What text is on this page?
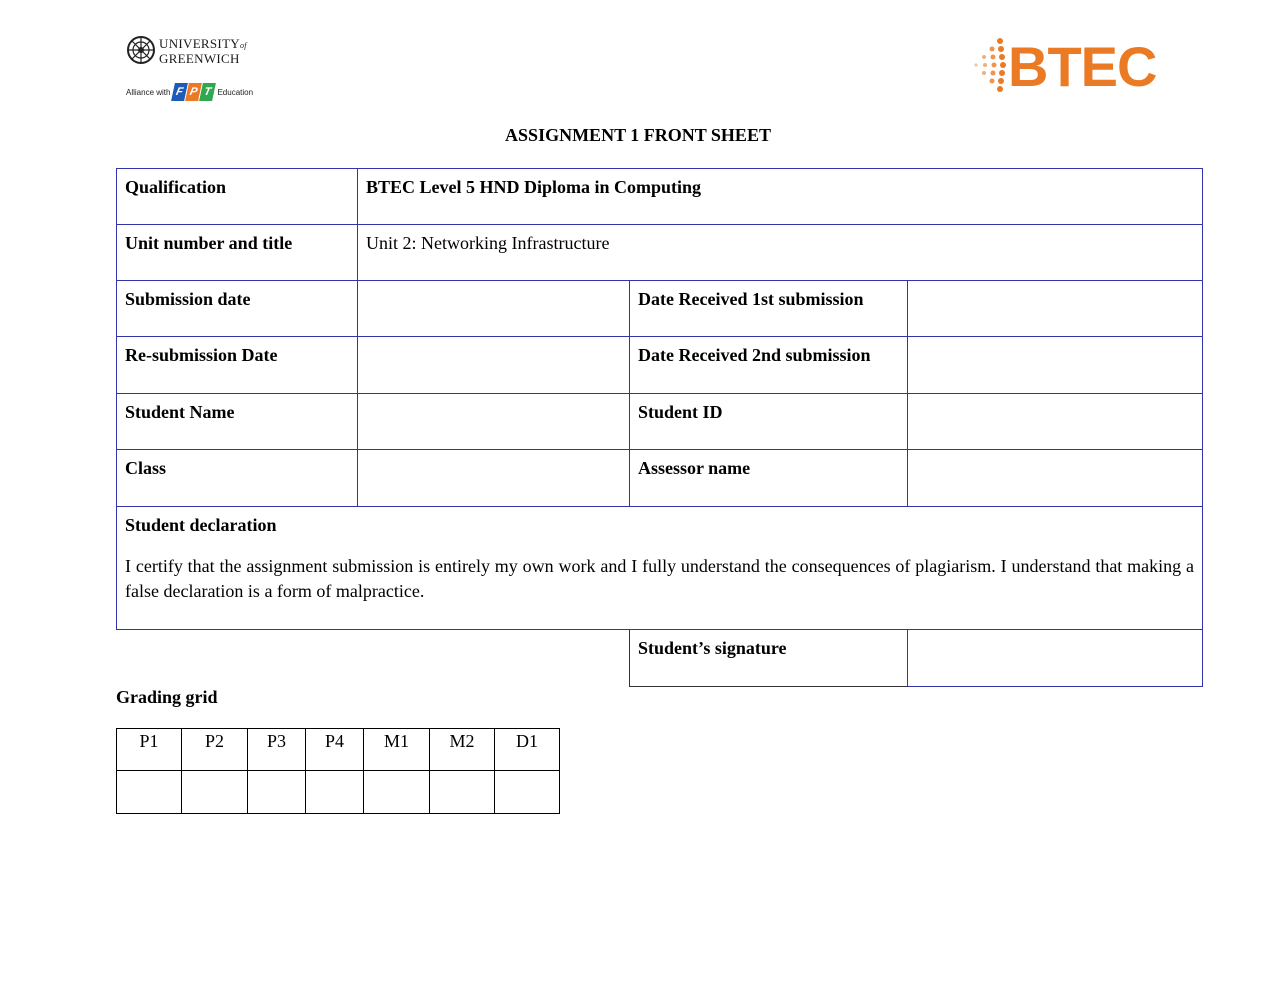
UNIVERSITYof
GREENWICH
Alliance with F P T Education	BTEC
ASSIGNMENT 1 FRONT SHEET
Qualification	BTEC Level 5 HND Diploma in Computing		
Unit number and title	Unit 2: Networking Infrastructure		
Submission date		Date Received 1st submission	
Re-submission Date		Date Received 2nd submission	
Student Name		Student ID	
Class		Assessor name	

Student declaration
I certify that the assignment submission is entirely my own work and I fully understand the consequences of plagiarism. I understand that making a false declaration is a form of malpractice.			

		Student’s signature	
Grading grid
P1	P2	P3	P4	M1	M2	D1
